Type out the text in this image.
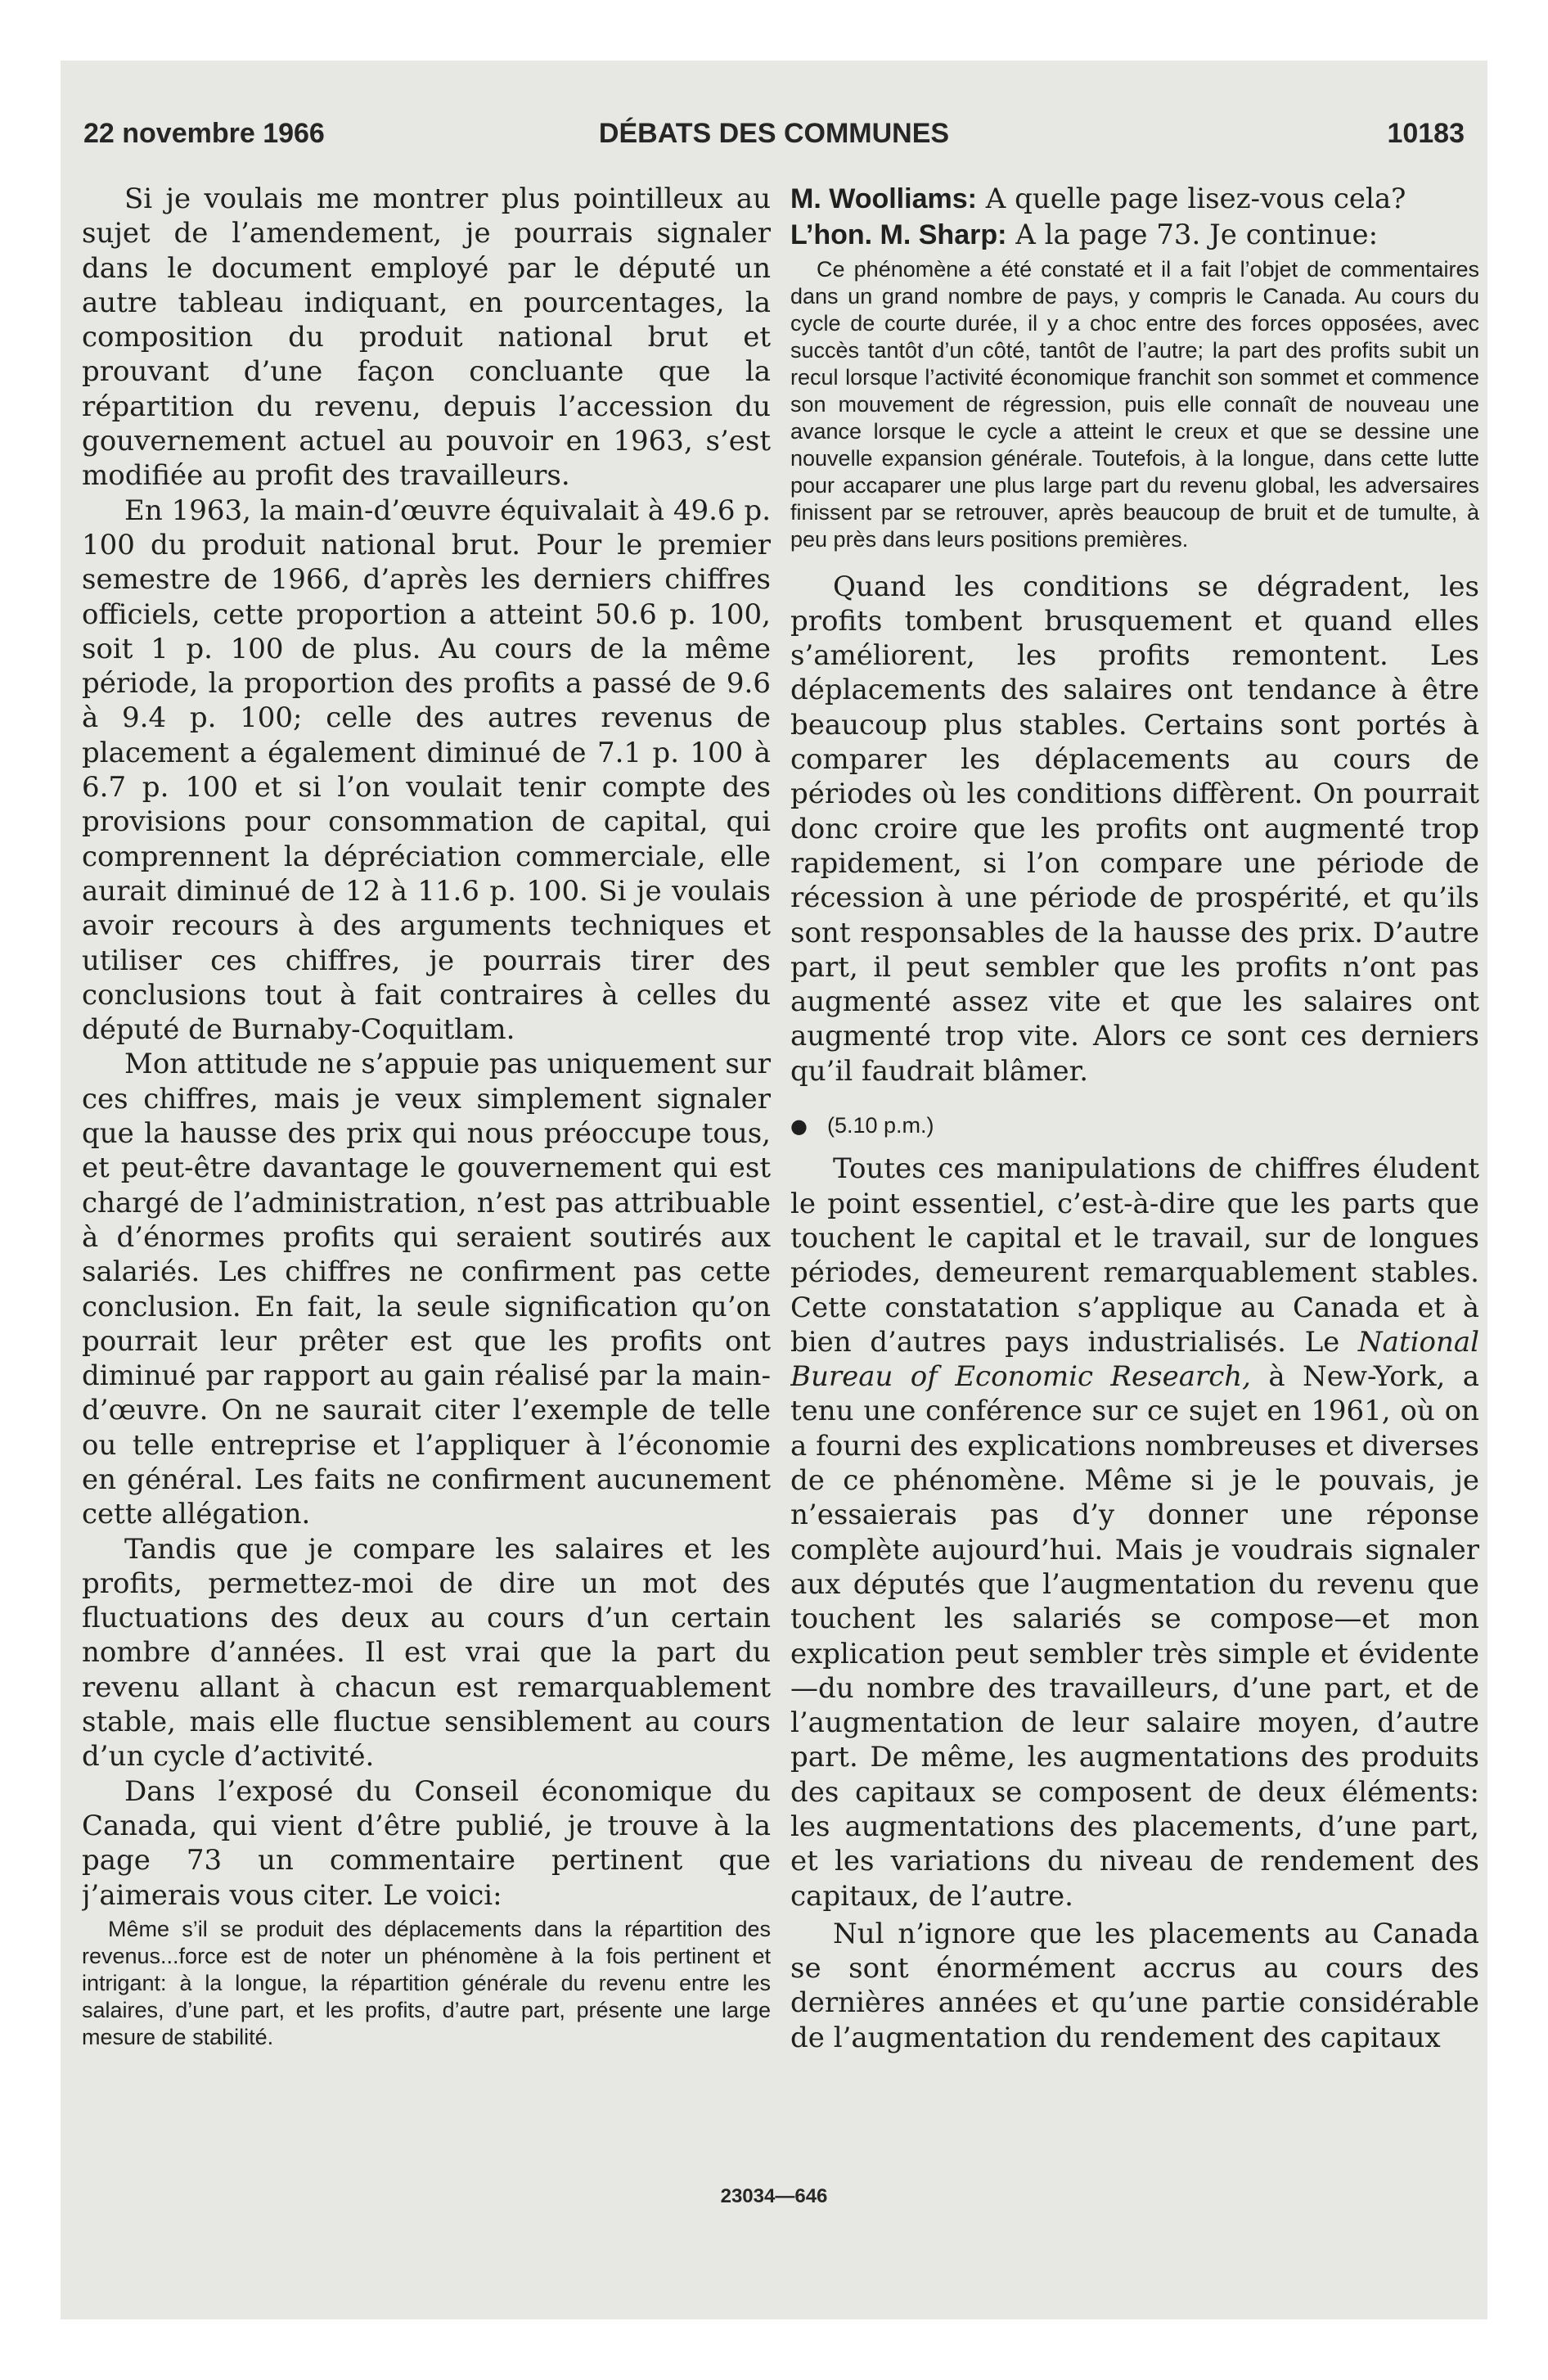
22 novembre 1966	DÉBATS DES COMMUNES	10183

Si je voulais me montrer plus pointilleux au sujet de l’amendement, je pourrais signaler dans le document employé par le député un autre tableau indiquant, en pourcentages, la composition du produit national brut et prouvant d’une façon concluante que la répartition du revenu, depuis l’accession du gouvernement actuel au pouvoir en 1963, s’est modifiée au profit des travailleurs.

En 1963, la main-d’œuvre équivalait à 49.6 p. 100 du produit national brut. Pour le premier semestre de 1966, d’après les derniers chiffres officiels, cette proportion a atteint 50.6 p. 100, soit 1 p. 100 de plus. Au cours de la même période, la proportion des profits a passé de 9.6 à 9.4 p. 100; celle des autres revenus de placement a également diminué de 7.1 p. 100 à 6.7 p. 100 et si l’on voulait tenir compte des provisions pour consommation de capital, qui comprennent la dépréciation commerciale, elle aurait diminué de 12 à 11.6 p. 100. Si je voulais avoir recours à des arguments techniques et utiliser ces chiffres, je pourrais tirer des conclusions tout à fait contraires à celles du député de Burnaby-Coquitlam.

Mon attitude ne s’appuie pas uniquement sur ces chiffres, mais je veux simplement signaler que la hausse des prix qui nous préoccupe tous, et peut-être davantage le gouvernement qui est chargé de l’administration, n’est pas attribuable à d’énormes profits qui seraient soutirés aux salariés. Les chiffres ne confirment pas cette conclusion. En fait, la seule signification qu’on pourrait leur prêter est que les profits ont diminué par rapport au gain réalisé par la main-d’œuvre. On ne saurait citer l’exemple de telle ou telle entreprise et l’appliquer à l’économie en général. Les faits ne confirment aucunement cette allégation.

Tandis que je compare les salaires et les profits, permettez-moi de dire un mot des fluctuations des deux au cours d’un certain nombre d’années. Il est vrai que la part du revenu allant à chacun est remarquablement stable, mais elle fluctue sensiblement au cours d’un cycle d’activité.

Dans l’exposé du Conseil économique du Canada, qui vient d’être publié, je trouve à la page 73 un commentaire pertinent que j’aimerais vous citer. Le voici:

Même s’il se produit des déplacements dans la répartition des revenus...force est de noter un phénomène à la fois pertinent et intrigant: à la longue, la répartition générale du revenu entre les salaires, d’une part, et les profits, d’autre part, présente une large mesure de stabilité.

M. Woolliams: A quelle page lisez-vous cela?

L’hon. M. Sharp: A la page 73. Je continue:

Ce phénomène a été constaté et il a fait l’objet de commentaires dans un grand nombre de pays, y compris le Canada. Au cours du cycle de courte durée, il y a choc entre des forces opposées, avec succès tantôt d’un côté, tantôt de l’autre; la part des profits subit un recul lorsque l’activité économique franchit son sommet et commence son mouvement de régression, puis elle connaît de nouveau une avance lorsque le cycle a atteint le creux et que se dessine une nouvelle expansion générale. Toutefois, à la longue, dans cette lutte pour accaparer une plus large part du revenu global, les adversaires finissent par se retrouver, après beaucoup de bruit et de tumulte, à peu près dans leurs positions premières.

Quand les conditions se dégradent, les profits tombent brusquement et quand elles s’améliorent, les profits remontent. Les déplacements des salaires ont tendance à être beaucoup plus stables. Certains sont portés à comparer les déplacements au cours de périodes où les conditions diffèrent. On pourrait donc croire que les profits ont augmenté trop rapidement, si l’on compare une période de récession à une période de prospérité, et qu’ils sont responsables de la hausse des prix. D’autre part, il peut sembler que les profits n’ont pas augmenté assez vite et que les salaires ont augmenté trop vite. Alors ce sont ces derniers qu’il faudrait blâmer.

● (5.10 p.m.)

Toutes ces manipulations de chiffres éludent le point essentiel, c’est-à-dire que les parts que touchent le capital et le travail, sur de longues périodes, demeurent remarquablement stables. Cette constatation s’applique au Canada et à bien d’autres pays industrialisés. Le National Bureau of Economic Research, à New-York, a tenu une conférence sur ce sujet en 1961, où on a fourni des explications nombreuses et diverses de ce phénomène. Même si je le pouvais, je n’essaierais pas d’y donner une réponse complète aujourd’hui. Mais je voudrais signaler aux députés que l’augmentation du revenu que touchent les salariés se compose—et mon explication peut sembler très simple et évidente—du nombre des travailleurs, d’une part, et de l’augmentation de leur salaire moyen, d’autre part. De même, les augmentations des produits des capitaux se composent de deux éléments: les augmentations des placements, d’une part, et les variations du niveau de rendement des capitaux, de l’autre.

Nul n’ignore que les placements au Canada se sont énormément accrus au cours des dernières années et qu’une partie considérable de l’augmentation du rendement des capitaux

23034—646
